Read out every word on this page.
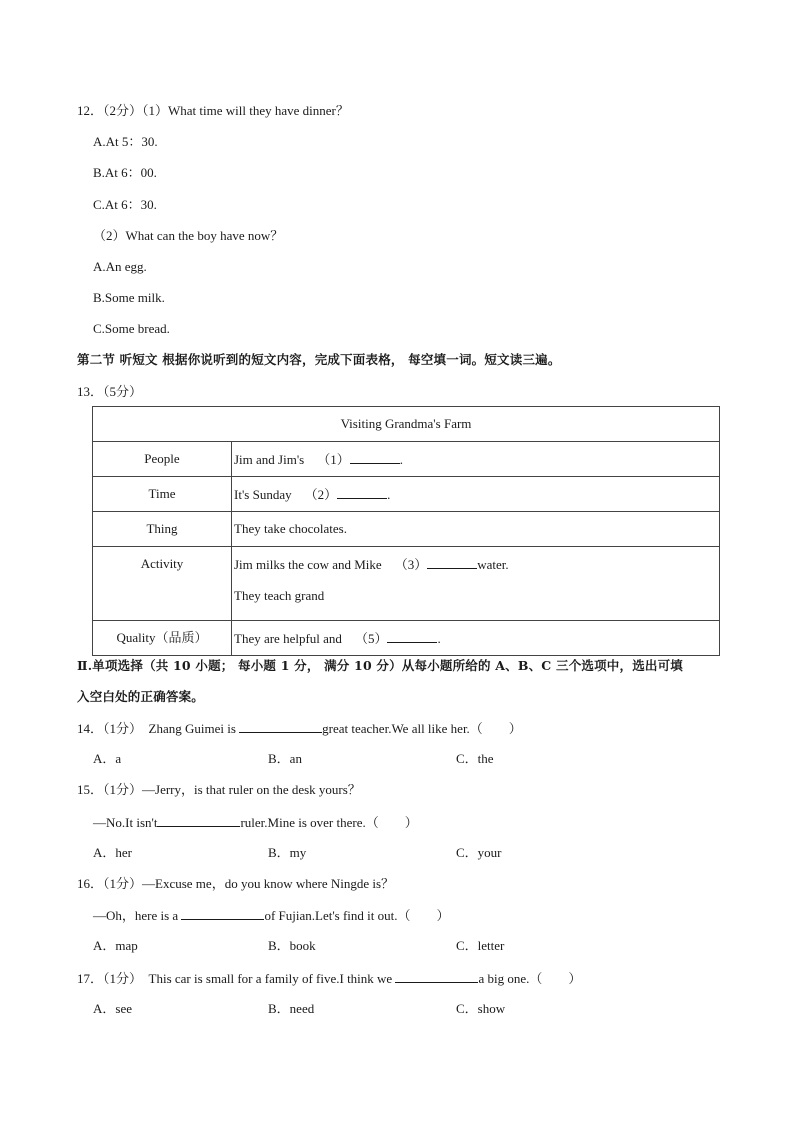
12．（2分）（1）What time will they have dinner？
A.At 5：30.
B.At 6：00.
C.At 6：30.
（2）What can the boy have now？
A.An egg.
B.Some milk.
C.Some bread.
第二节 听短文 根据你说听到的短文内容，完成下面表格， 每空填一词。短文读三遍。
13．（5分）
Visiting Grandma's Farm	
People	Jim and Jim's （1） .
Time	It's Sunday （2） .
Thing	They take chocolates.
Activity	Jim milks the cow and Mike （3） water.
They teach grand

Quality（品质）	They are helpful and （5） .
Ⅱ.单项选择（共 10 小题； 每小题 1 分， 满分 10 分）从每小题所给的 A、B、C 三个选项中，选出可填
入空白处的正确答案。
14．（1分） Zhang Guimei is	great teacher.We all like her.（　　）
A．a	B．an	C．the
15．（1分）—Jerry，is that ruler on the desk yours？
—No.It isn't	ruler.Mine is over there.（　　）
A．her	B．my	C．your
16．（1分）—Excuse me，do you know where Ningde is？
—Oh，here is a	of Fujian.Let's find it out.（　　）
A．map	B．book	C．letter
17．（1分） This car is small for a family of five.I think we	a big one.（　　）
A．see	B．need	C．show
